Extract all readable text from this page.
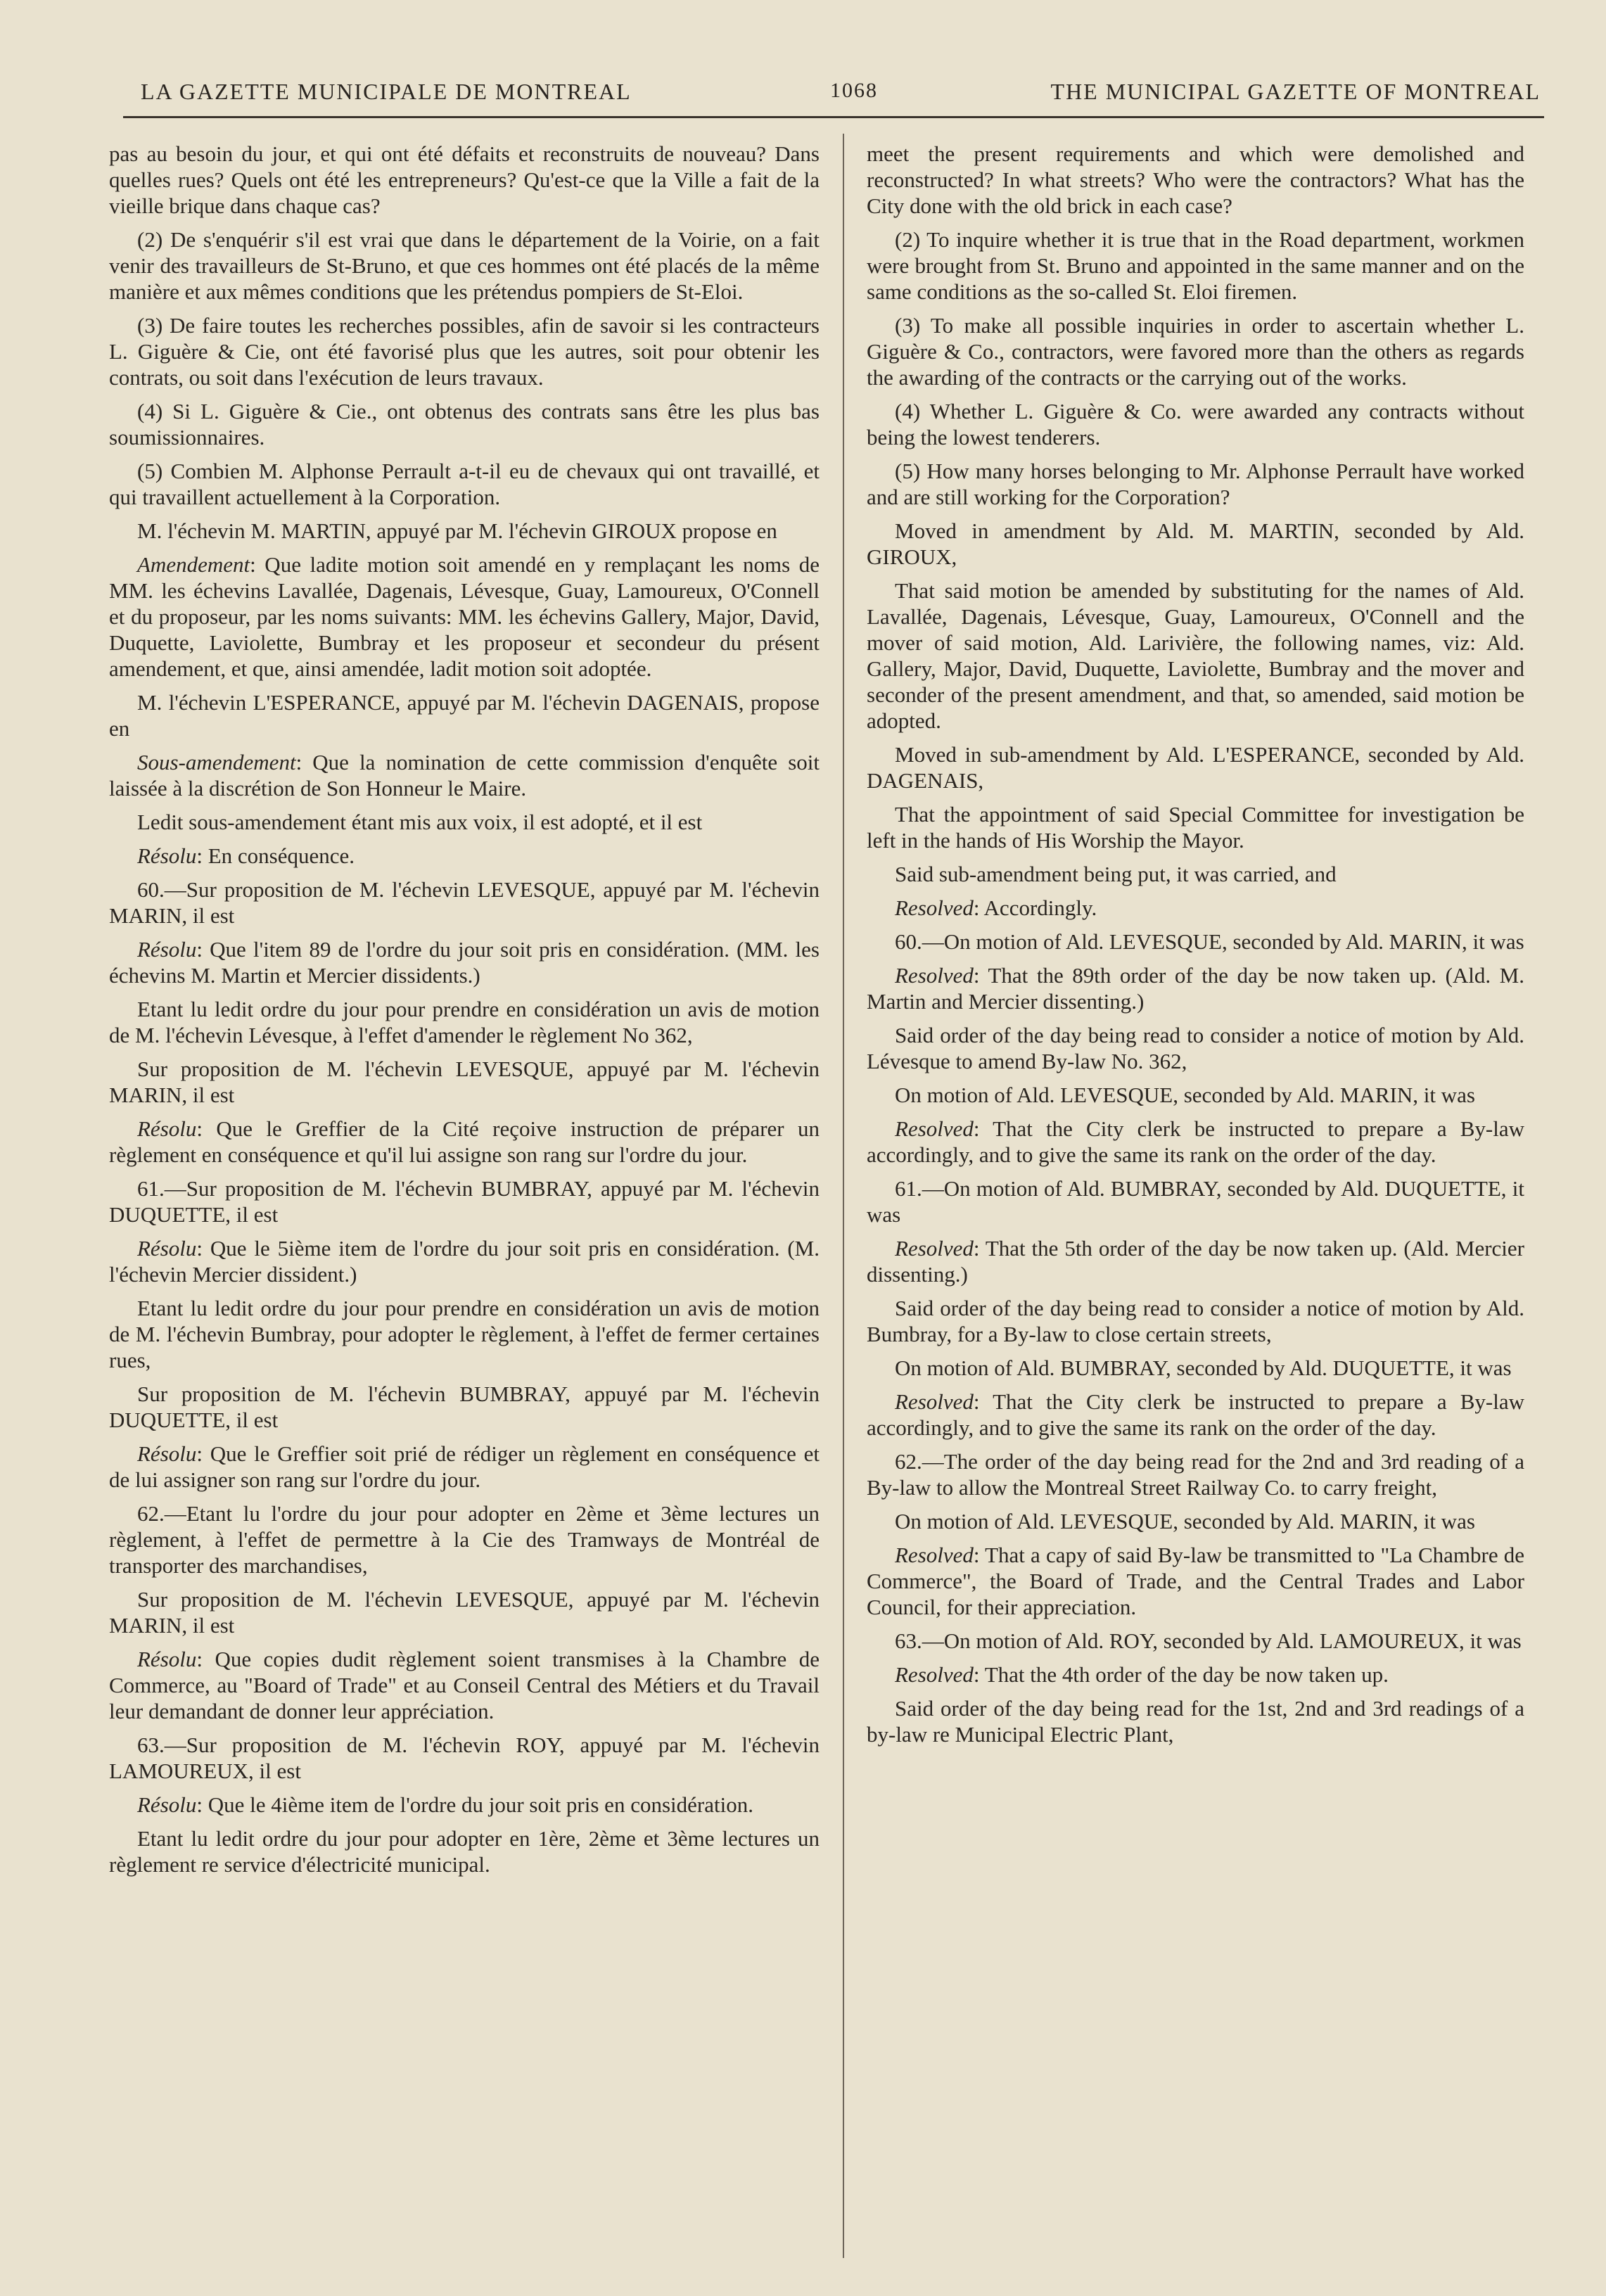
LA GAZETTE MUNICIPALE DE MONTREAL	1068	THE MUNICIPAL GAZETTE OF MONTREAL

pas au besoin du jour, et qui ont été défaits et reconstruits de nouveau? Dans quelles rues? Quels ont été les entrepreneurs? Qu'est-ce que la Ville a fait de la vieille brique dans chaque cas?

(2) De s'enquérir s'il est vrai que dans le département de la Voirie, on a fait venir des travailleurs de St-Bruno, et que ces hommes ont été placés de la même manière et aux mêmes conditions que les prétendus pompiers de St-Eloi.

(3) De faire toutes les recherches possibles, afin de savoir si les contracteurs L. Giguère & Cie, ont été favorisé plus que les autres, soit pour obtenir les contrats, ou soit dans l'exécution de leurs travaux.

(4) Si L. Giguère & Cie., ont obtenus des contrats sans être les plus bas soumissionnaires.

(5) Combien M. Alphonse Perrault a-t-il eu de chevaux qui ont travaillé, et qui travaillent actuellement à la Corporation.

M. l'échevin M. MARTIN, appuyé par M. l'échevin GIROUX propose en

Amendement: Que ladite motion soit amendé en y remplaçant les noms de MM. les échevins Lavallée, Dagenais, Lévesque, Guay, Lamoureux, O'Connell et du proposeur, par les noms suivants: MM. les échevins Gallery, Major, David, Duquette, Laviolette, Bumbray et les proposeur et secondeur du présent amendement, et que, ainsi amendée, ladit motion soit adoptée.

M. l'échevin L'ESPERANCE, appuyé par M. l'échevin DAGENAIS, propose en

Sous-amendement: Que la nomination de cette commission d'enquête soit laissée à la discrétion de Son Honneur le Maire.

Ledit sous-amendement étant mis aux voix, il est adopté, et il est

Résolu: En conséquence.

60.—Sur proposition de M. l'échevin LEVESQUE, appuyé par M. l'échevin MARIN, il est

Résolu: Que l'item 89 de l'ordre du jour soit pris en considération. (MM. les échevins M. Martin et Mercier dissidents.)

Etant lu ledit ordre du jour pour prendre en considération un avis de motion de M. l'échevin Lévesque, à l'effet d'amender le règlement No 362,

Sur proposition de M. l'échevin LEVESQUE, appuyé par M. l'échevin MARIN, il est

Résolu: Que le Greffier de la Cité reçoive instruction de préparer un règlement en conséquence et qu'il lui assigne son rang sur l'ordre du jour.

61.—Sur proposition de M. l'échevin BUMBRAY, appuyé par M. l'échevin DUQUETTE, il est

Résolu: Que le 5ième item de l'ordre du jour soit pris en considération. (M. l'échevin Mercier dissident.)

Etant lu ledit ordre du jour pour prendre en considération un avis de motion de M. l'échevin Bumbray, pour adopter le règlement, à l'effet de fermer certaines rues,

Sur proposition de M. l'échevin BUMBRAY, appuyé par M. l'échevin DUQUETTE, il est

Résolu: Que le Greffier soit prié de rédiger un règlement en conséquence et de lui assigner son rang sur l'ordre du jour.

62.—Etant lu l'ordre du jour pour adopter en 2ème et 3ème lectures un règlement, à l'effet de permettre à la Cie des Tramways de Montréal de transporter des marchandises,

Sur proposition de M. l'échevin LEVESQUE, appuyé par M. l'échevin MARIN, il est

Résolu: Que copies dudit règlement soient transmises à la Chambre de Commerce, au "Board of Trade" et au Conseil Central des Métiers et du Travail leur demandant de donner leur appréciation.

63.—Sur proposition de M. l'échevin ROY, appuyé par M. l'échevin LAMOUREUX, il est

Résolu: Que le 4ième item de l'ordre du jour soit pris en considération.

Etant lu ledit ordre du jour pour adopter en 1ère, 2ème et 3ème lectures un règlement re service d'électricité municipal.

meet the present requirements and which were demolished and reconstructed? In what streets? Who were the contractors? What has the City done with the old brick in each case?

(2) To inquire whether it is true that in the Road department, workmen were brought from St. Bruno and appointed in the same manner and on the same conditions as the so-called St. Eloi firemen.

(3) To make all possible inquiries in order to ascertain whether L. Giguère & Co., contractors, were favored more than the others as regards the awarding of the contracts or the carrying out of the works.

(4) Whether L. Giguère & Co. were awarded any contracts without being the lowest tenderers.

(5) How many horses belonging to Mr. Alphonse Perrault have worked and are still working for the Corporation?

Moved in amendment by Ald. M. MARTIN, seconded by Ald. GIROUX,

That said motion be amended by substituting for the names of Ald. Lavallée, Dagenais, Lévesque, Guay, Lamoureux, O'Connell and the mover of said motion, Ald. Larivière, the following names, viz: Ald. Gallery, Major, David, Duquette, Laviolette, Bumbray and the mover and seconder of the present amendment, and that, so amended, said motion be adopted.

Moved in sub-amendment by Ald. L'ESPERANCE, seconded by Ald. DAGENAIS,

That the appointment of said Special Committee for investigation be left in the hands of His Worship the Mayor.

Said sub-amendment being put, it was carried, and

Resolved: Accordingly.

60.—On motion of Ald. LEVESQUE, seconded by Ald. MARIN, it was

Resolved: That the 89th order of the day be now taken up. (Ald. M. Martin and Mercier dissenting.)

Said order of the day being read to consider a notice of motion by Ald. Lévesque to amend By-law No. 362,

On motion of Ald. LEVESQUE, seconded by Ald. MARIN, it was

Resolved: That the City clerk be instructed to prepare a By-law accordingly, and to give the same its rank on the order of the day.

61.—On motion of Ald. BUMBRAY, seconded by Ald. DUQUETTE, it was

Resolved: That the 5th order of the day be now taken up. (Ald. Mercier dissenting.)

Said order of the day being read to consider a notice of motion by Ald. Bumbray, for a By-law to close certain streets,

On motion of Ald. BUMBRAY, seconded by Ald. DUQUETTE, it was

Resolved: That the City clerk be instructed to prepare a By-law accordingly, and to give the same its rank on the order of the day.

62.—The order of the day being read for the 2nd and 3rd reading of a By-law to allow the Montreal Street Railway Co. to carry freight,

On motion of Ald. LEVESQUE, seconded by Ald. MARIN, it was

Resolved: That a capy of said By-law be transmitted to "La Chambre de Commerce", the Board of Trade, and the Central Trades and Labor Council, for their appreciation.

63.—On motion of Ald. ROY, seconded by Ald. LAMOUREUX, it was

Resolved: That the 4th order of the day be now taken up.

Said order of the day being read for the 1st, 2nd and 3rd readings of a by-law re Municipal Electric Plant,
